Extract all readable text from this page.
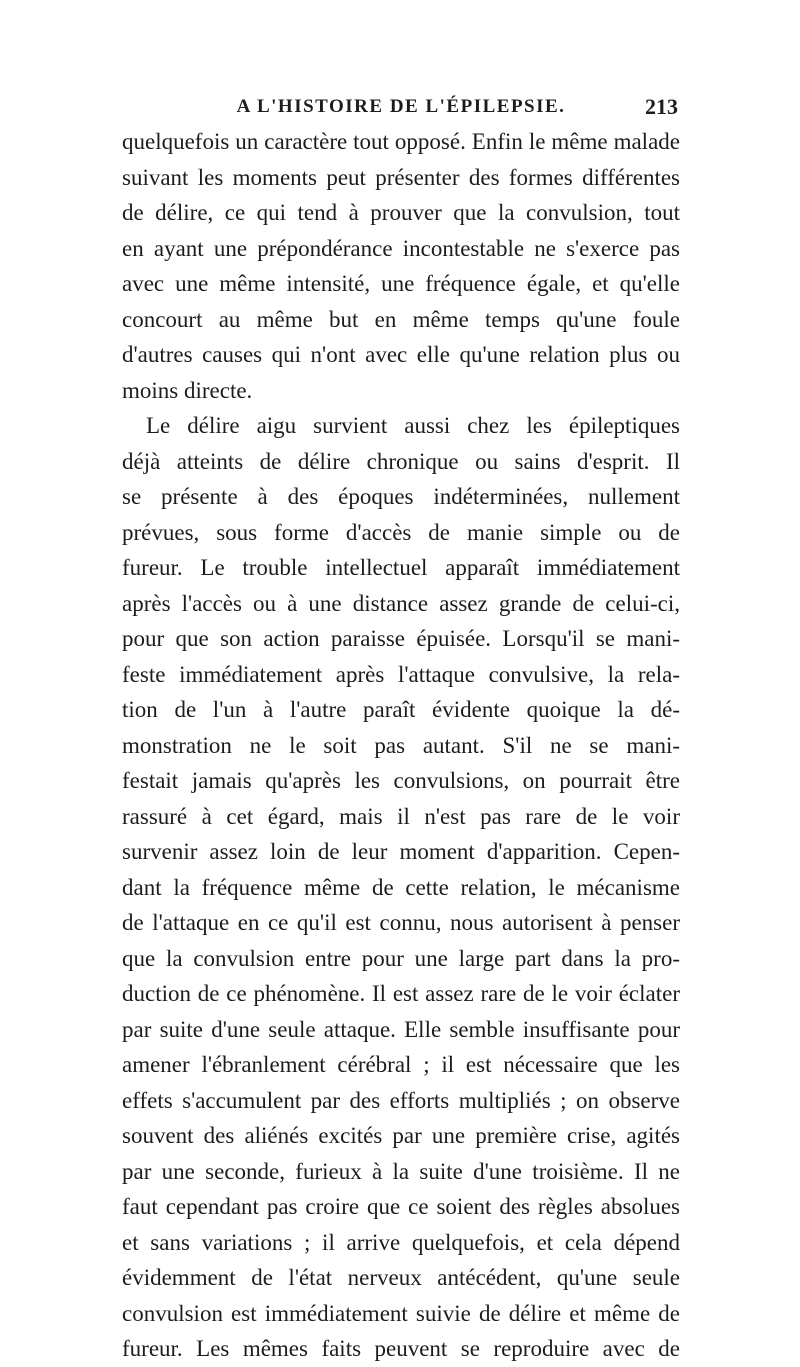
A L'HISTOIRE DE L'ÉPILEPSIE.	213
quelquefois un caractère tout opposé. Enfin le même malade
suivant les moments peut présenter des formes différentes
de délire, ce qui tend à prouver que la convulsion, tout
en ayant une prépondérance incontestable ne s'exerce pas
avec une même intensité, une fréquence égale, et qu'elle
concourt au même but en même temps qu'une foule
d'autres causes qui n'ont avec elle qu'une relation plus ou
moins directe.
Le délire aigu survient aussi chez les épileptiques
déjà atteints de délire chronique ou sains d'esprit. Il
se présente à des époques indéterminées, nullement
prévues, sous forme d'accès de manie simple ou de
fureur. Le trouble intellectuel apparaît immédiatement
après l'accès ou à une distance assez grande de celui-ci,
pour que son action paraisse épuisée. Lorsqu'il se mani-
feste immédiatement après l'attaque convulsive, la rela-
tion de l'un à l'autre paraît évidente quoique la dé-
monstration ne le soit pas autant. S'il ne se mani-
festait jamais qu'après les convulsions, on pourrait être
rassuré à cet égard, mais il n'est pas rare de le voir
survenir assez loin de leur moment d'apparition. Cepen-
dant la fréquence même de cette relation, le mécanisme
de l'attaque en ce qu'il est connu, nous autorisent à penser
que la convulsion entre pour une large part dans la pro-
duction de ce phénomène. Il est assez rare de le voir éclater
par suite d'une seule attaque. Elle semble insuffisante pour
amener l'ébranlement cérébral ; il est nécessaire que les
effets s'accumulent par des efforts multipliés ; on observe
souvent des aliénés excités par une première crise, agités
par une seconde, furieux à la suite d'une troisième. Il ne
faut cependant pas croire que ce soient des règles absolues
et sans variations ; il arrive quelquefois, et cela dépend
évidemment de l'état nerveux antécédent, qu'une seule
convulsion est immédiatement suivie de délire et même de
fureur. Les mêmes faits peuvent se reproduire avec de
